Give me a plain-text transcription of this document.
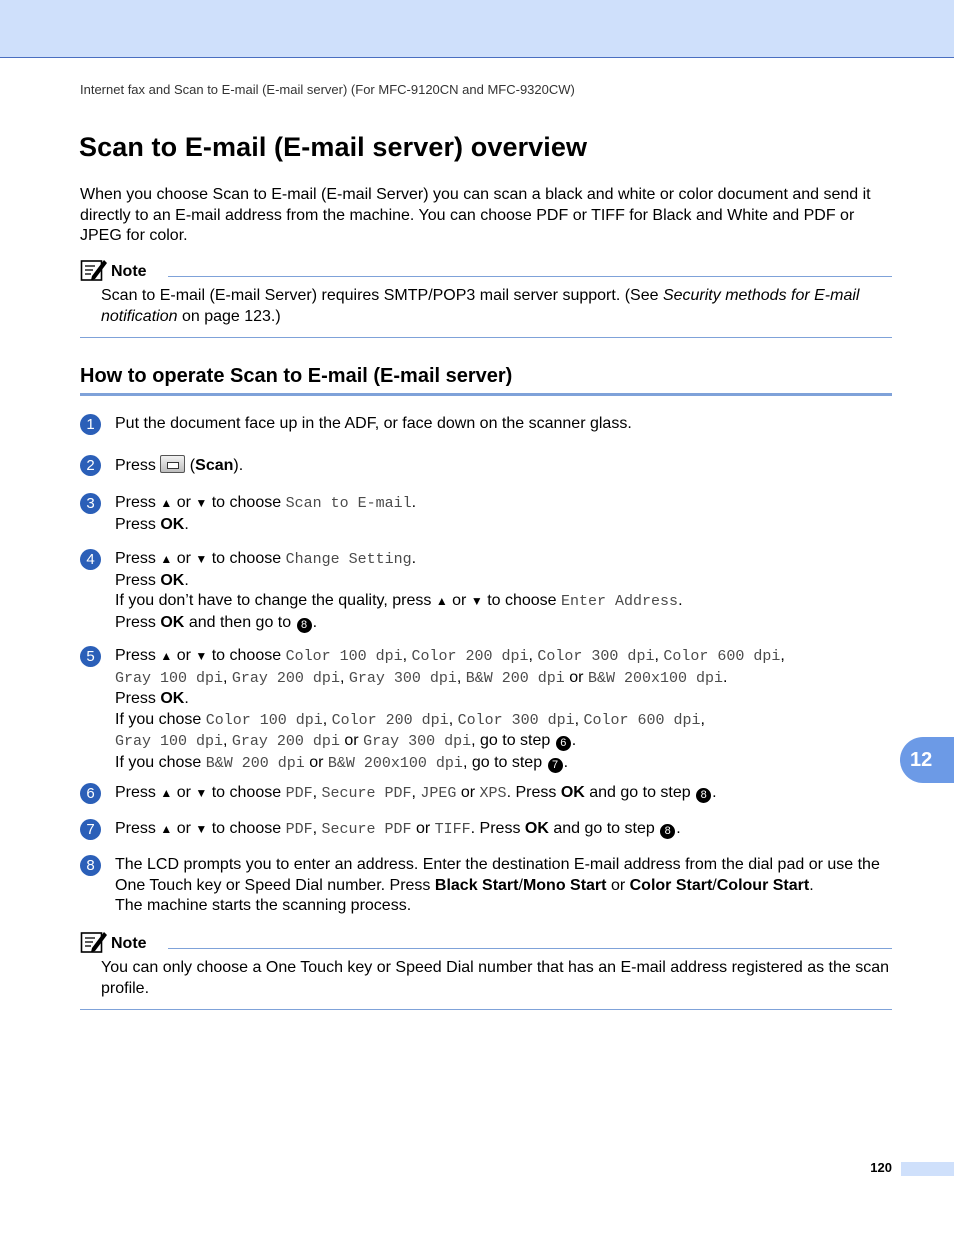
Internet fax and Scan to E-mail (E-mail server) (For MFC-9120CN and MFC-9320CW)
Scan to E-mail (E-mail server) overview

When you choose Scan to E-mail (E-mail Server) you can scan a black and white or color document and send it directly to an E-mail address from the machine. You can choose PDF or TIFF for Black and White and PDF or JPEG for color.

Note
Scan to E-mail (E-mail Server) requires SMTP/POP3 mail server support. (See Security methods for E-mail notification on page 123.)
How to operate Scan to E-mail (E-mail server)
1	Put the document face up in the ADF, or face down on the scanner glass.
2	Press  (Scan).
3	Press ▲ or ▼ to choose Scan to E-mail.
Press OK.
4	Press ▲ or ▼ to choose Change Setting.
Press OK.
If you don’t have to change the quality, press ▲ or ▼ to choose Enter Address.
Press OK and then go to 8 .
5	Press ▲ or ▼ to choose Color 100 dpi, Color 200 dpi, Color 300 dpi, Color 600 dpi,
Gray 100 dpi, Gray 200 dpi, Gray 300 dpi, B&W 200 dpi or B&W 200x100 dpi.
Press OK.
If you chose Color 100 dpi, Color 200 dpi, Color 300 dpi, Color 600 dpi,
Gray 100 dpi, Gray 200 dpi or Gray 300 dpi, go to step 6 .
If you chose B&W 200 dpi or B&W 200x100 dpi, go to step 7 .
6	Press ▲ or ▼ to choose PDF, Secure PDF, JPEG or XPS. Press OK and go to step 8 .
7	Press ▲ or ▼ to choose PDF, Secure PDF or TIFF. Press OK and go to step 8 .
8	The LCD prompts you to enter an address. Enter the destination E-mail address from the dial pad or use the One Touch key or Speed Dial number. Press Black Start/Mono Start or Color Start/Colour Start.
The machine starts the scanning process.
Note
You can only choose a One Touch key or Speed Dial number that has an E-mail address registered as the scan profile.
12
120
